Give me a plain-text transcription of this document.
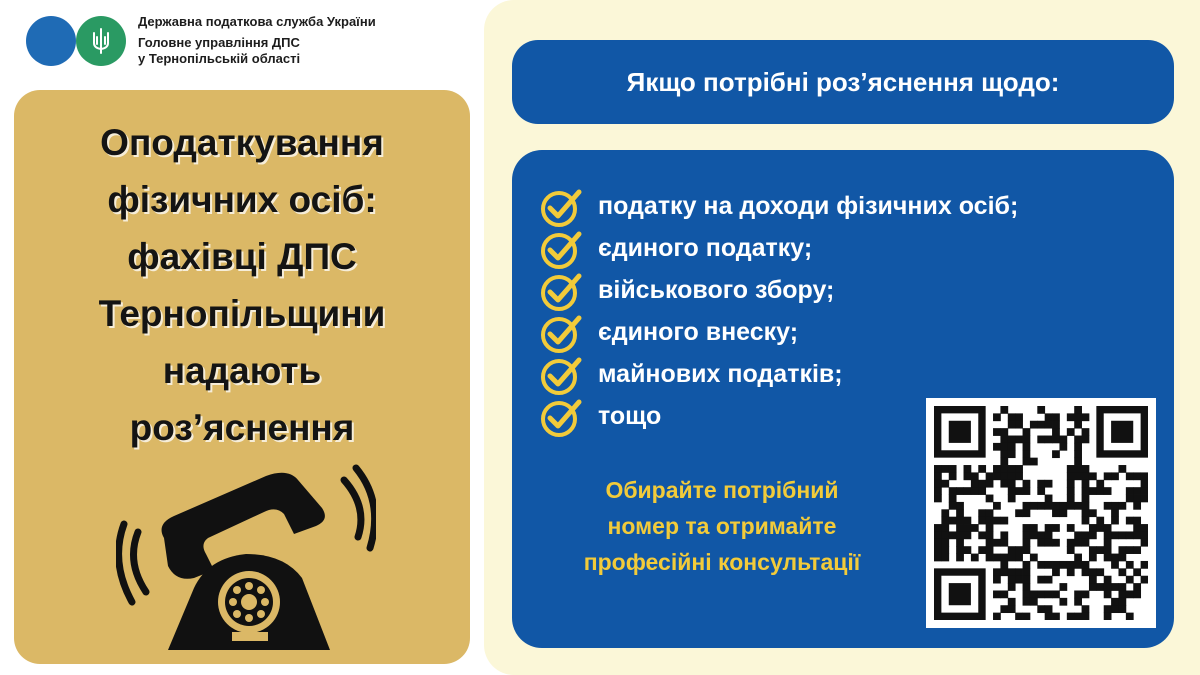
Державна податкова служба України
Головне управління ДПС
у Тернопільській області
Оподаткування
фізичних осіб:
фахівці ДПС
Тернопільщини
надають
роз’яснення
Якщо потрібні роз’яснення щодо:
податку на доходи фізичних осіб;
єдиного податку;
військового збору;
єдиного внеску;
майнових податків;
тощо
Обирайте потрібний
номер та отримайте
професійні консультації
